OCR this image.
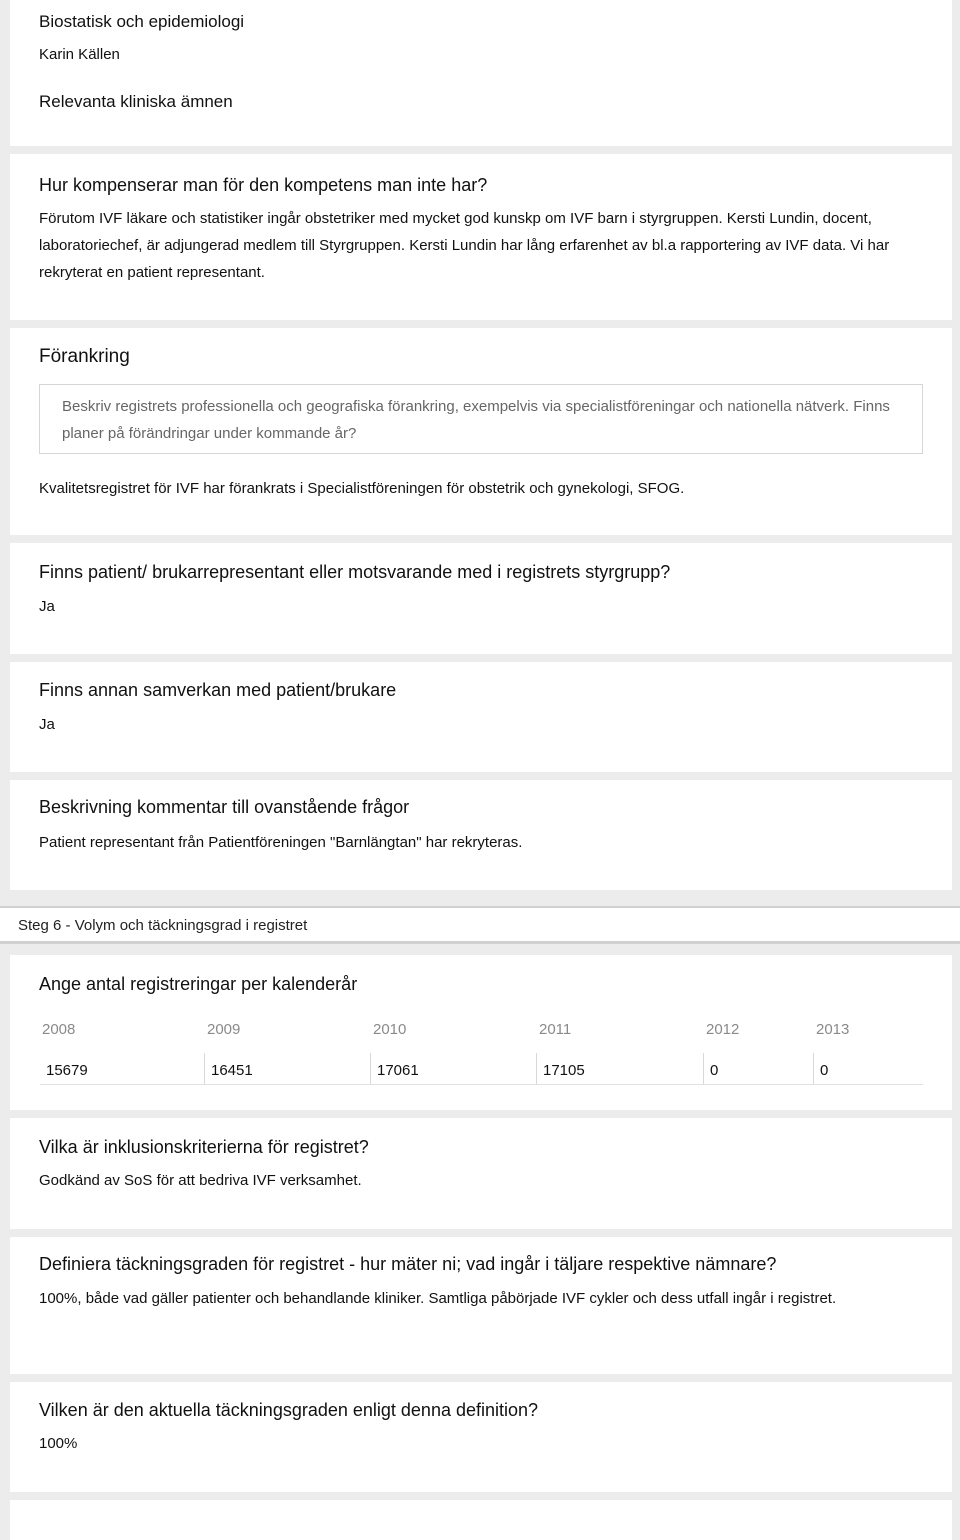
Biostatisk och epidemiologi
Karin Källen
Relevanta kliniska ämnen
Hur kompenserar man för den kompetens man inte har?
Förutom IVF läkare och statistiker ingår obstetriker med mycket god kunskp om IVF barn i styrgruppen. Kersti Lundin, docent, laboratoriechef, är adjungerad medlem till Styrgruppen. Kersti Lundin har lång erfarenhet av bl.a rapportering av IVF data. Vi har rekryterat en patient representant.
Förankring
Beskriv registrets professionella och geografiska förankring, exempelvis via specialistföreningar och nationella nätverk. Finns planer på förändringar under kommande år?
Kvalitetsregistret för IVF har förankrats i Specialistföreningen för obstetrik och gynekologi, SFOG.
Finns patient/ brukarrepresentant eller motsvarande med i registrets styrgrupp?
Ja
Finns annan samverkan med patient/brukare
Ja
Beskrivning kommentar till ovanstående frågor
Patient representant från Patientföreningen "Barnlängtan" har rekryteras.
Steg 6 - Volym och täckningsgrad i registret
Ange antal registreringar per kalenderår
2008	2009	2010	2011	2012	2013
15679	16451	17061	17105	0	0
Vilka är inklusionskriterierna för registret?
Godkänd av SoS för att bedriva IVF verksamhet.
Definiera täckningsgraden för registret - hur mäter ni; vad ingår i täljare respektive nämnare?
100%, både vad gäller patienter och behandlande kliniker. Samtliga påbörjade IVF cykler och dess utfall ingår i registret.
Vilken är den aktuella täckningsgraden enligt denna definition?
100%
